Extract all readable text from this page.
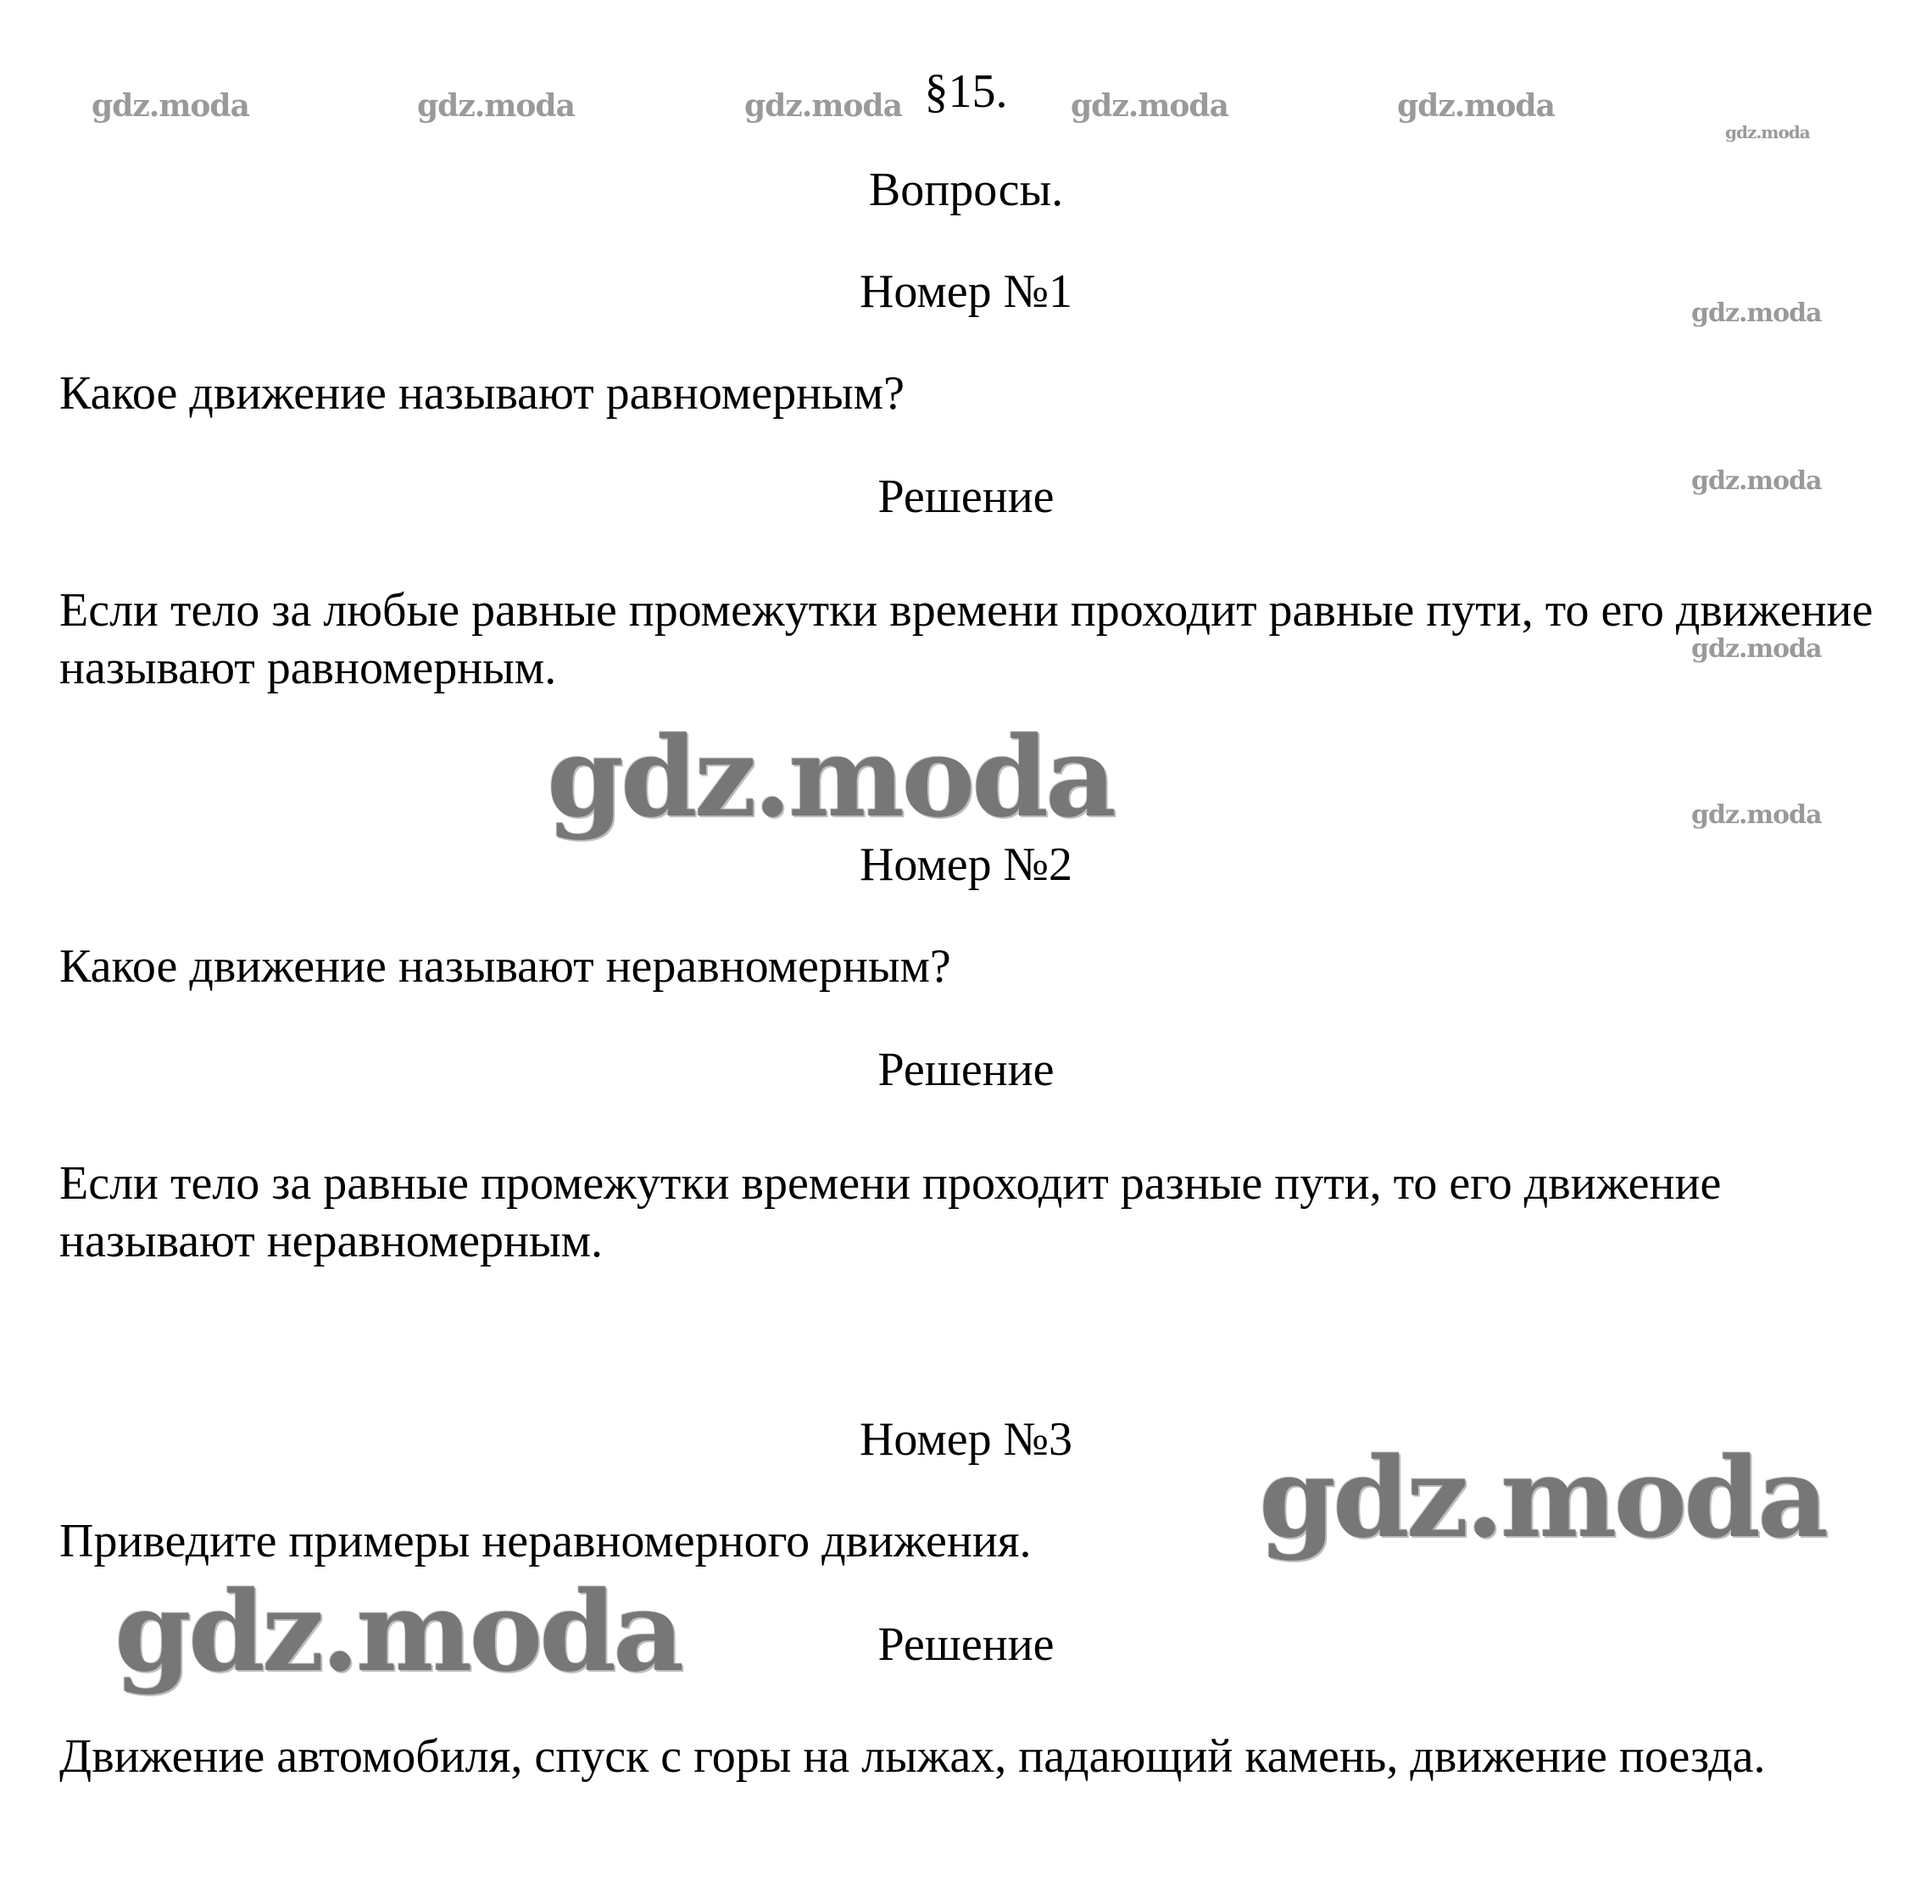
gdz.moda	gdz.moda	gdz.moda	gdz.moda	gdz.moda
gdz.moda
gdz.moda
gdz.moda
gdz.moda
gdz.moda
gdz.moda
gdz.moda
gdz.moda
§15.
Вопросы.
Номер №1
Какое движение называют равномерным?
Решение
Если тело за любые равные промежутки времени проходит равные пути, то его движение называют равномерным.
Номер №2
Какое движение называют неравномерным?
Решение
Если тело за равные промежутки времени проходит разные пути, то его движение называют неравномерным.
Номер №3
Приведите примеры неравномерного движения.
Решение
Движение автомобиля, спуск с горы на лыжах, падающий камень, движение поезда.
